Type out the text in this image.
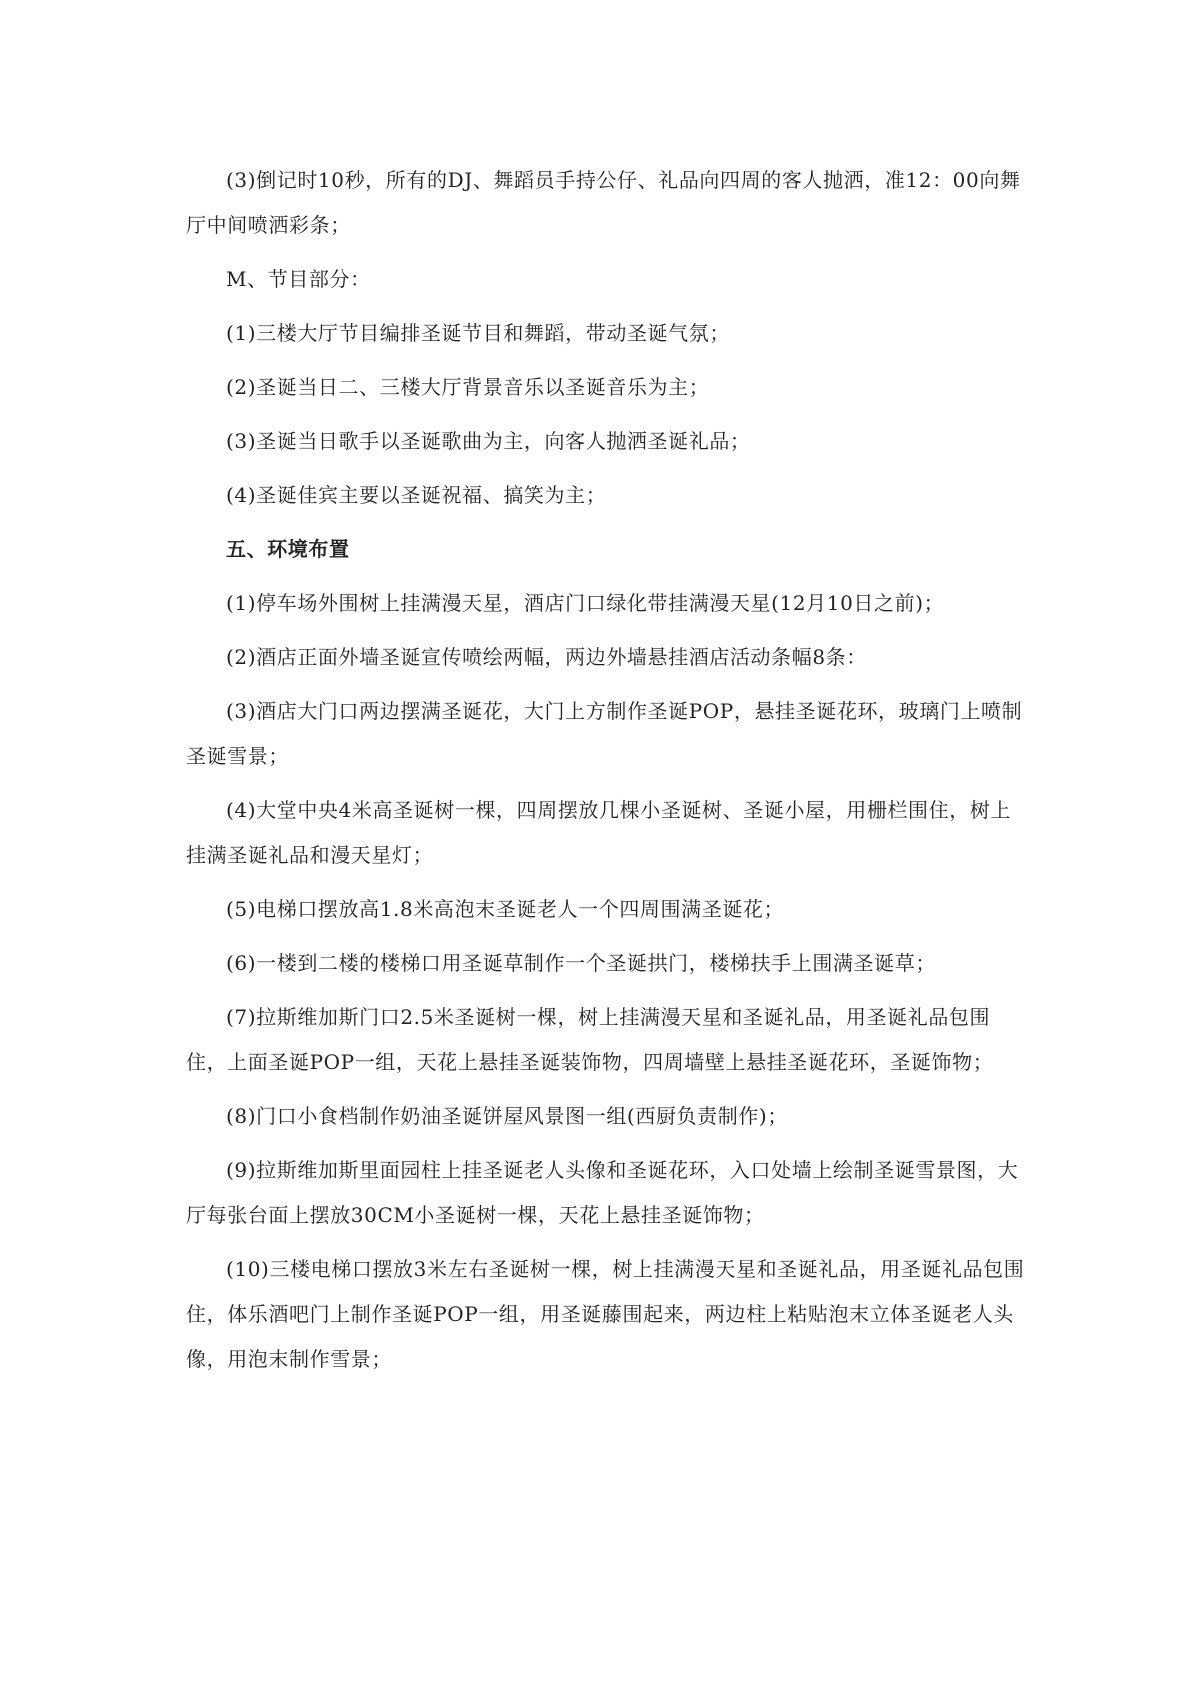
(3)倒记时10秒，所有的DJ、舞蹈员手持公仔、礼品向四周的客人抛洒，准12：00向舞厅中间喷洒彩条；

M、节目部分：

(1)三楼大厅节目编排圣诞节目和舞蹈，带动圣诞气氛；

(2)圣诞当日二、三楼大厅背景音乐以圣诞音乐为主；

(3)圣诞当日歌手以圣诞歌曲为主，向客人抛洒圣诞礼品；

(4)圣诞佳宾主要以圣诞祝福、搞笑为主；

五、环境布置

(1)停车场外围树上挂满漫天星，酒店门口绿化带挂满漫天星(12月10日之前)；

(2)酒店正面外墙圣诞宣传喷绘两幅，两边外墙悬挂酒店活动条幅8条：

(3)酒店大门口两边摆满圣诞花，大门上方制作圣诞POP，悬挂圣诞花环，玻璃门上喷制圣诞雪景；

(4)大堂中央4米高圣诞树一棵，四周摆放几棵小圣诞树、圣诞小屋，用栅栏围住，树上挂满圣诞礼品和漫天星灯；

(5)电梯口摆放高1.8米高泡末圣诞老人一个四周围满圣诞花；

(6)一楼到二楼的楼梯口用圣诞草制作一个圣诞拱门，楼梯扶手上围满圣诞草；

(7)拉斯维加斯门口2.5米圣诞树一棵，树上挂满漫天星和圣诞礼品，用圣诞礼品包围住，上面圣诞POP一组，天花上悬挂圣诞装饰物，四周墙壁上悬挂圣诞花环，圣诞饰物；

(8)门口小食档制作奶油圣诞饼屋风景图一组(西厨负责制作)；

(9)拉斯维加斯里面园柱上挂圣诞老人头像和圣诞花环，入口处墙上绘制圣诞雪景图，大厅每张台面上摆放30CM小圣诞树一棵，天花上悬挂圣诞饰物；

(10)三楼电梯口摆放3米左右圣诞树一棵，树上挂满漫天星和圣诞礼品，用圣诞礼品包围住，体乐酒吧门上制作圣诞POP一组，用圣诞藤围起来，两边柱上粘贴泡末立体圣诞老人头像，用泡末制作雪景；
